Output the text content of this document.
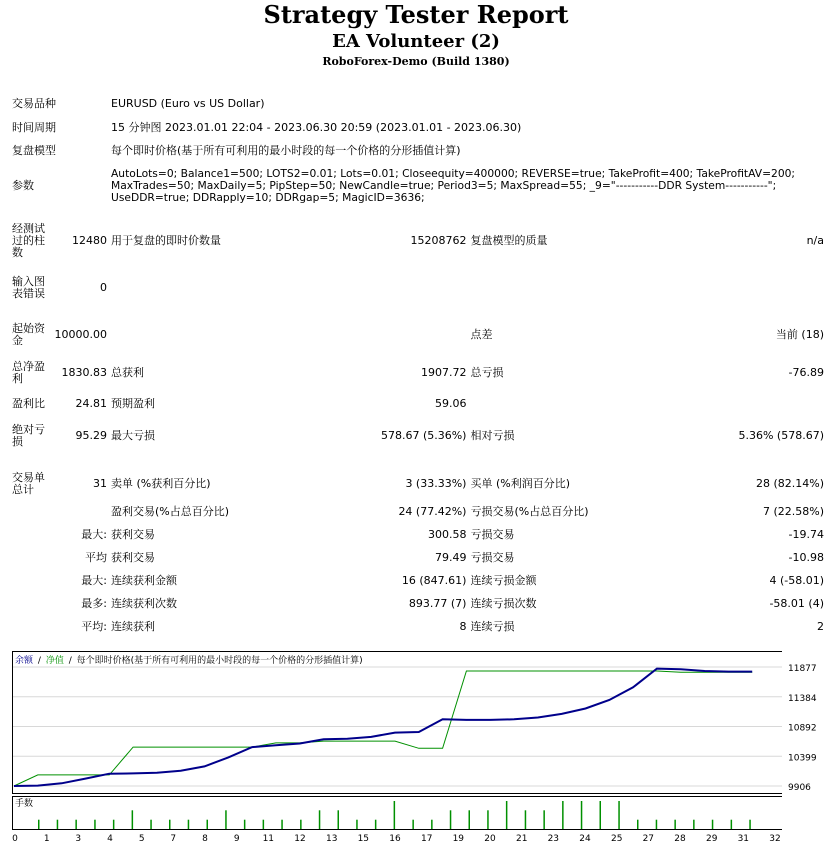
Strategy Tester Report
EA Volunteer (2)
RoboForex-Demo (Build 1380)
交易品种		EURUSD (Euro vs US Dollar)			
时间周期		15 分钟图 2023.01.01 22:04 - 2023.06.30 20:59 (2023.01.01 - 2023.06.30)			
复盘模型		每个即时价格(基于所有可利用的最小时段的每一个价格的分形插值计算)			
参数		AutoLots=0; Balance1=500; LOTS2=0.01; Lots=0.01; Closeequity=400000; REVERSE=true; TakeProfit=400; TakeProfitAV=200;
MaxTrades=50; MaxDaily=5; PipStep=50; NewCandle=true; Period3=5; MaxSpread=55; _9="-----------DDR System-----------";
UseDDR=true; DDRapply=10; DDRgap=5; MagicID=3636;			

经测试过的柱数	12480	用于复盘的即时价数量	15208762	复盘模型的质量	n/a
输入图表错误	0				
起始资金	10000.00			点差	当前 (18)
总净盈利	1830.83	总获利	1907.72	总亏损	-76.89
盈利比	24.81	预期盈利	59.06		
绝对亏损	95.29	最大亏损	578.67 (5.36%)	相对亏损	5.36% (578.67)

交易单总计	31	卖单 (%获利百分比)	3 (33.33%)	买单 (%利润百分比)	28 (82.14%)
		盈利交易(%占总百分比)	24 (77.42%)	亏损交易(%占总百分比)	7 (22.58%)
	最大:	获利交易	300.58	亏损交易	-19.74
	平均	获利交易	79.49	亏损交易	-10.98
	最大:	连续获利金额	16 (847.61)	连续亏损金额	4 (-58.01)
	最多:	连续获利次数	893.77 (7)	连续亏损次数	-58.01 (4)
	平均:	连续获利	8	连续亏损	2
余额 / 净值 / 每个即时价格(基于所有可利用的最小时段的每一个价格的分形插值计算)
11877
11384
10892
10399
9906
手数
0	1	3	4	5	7	8	9	11 12 13 15 16 17 19 20 21 23 24 25 27 28 29 31 32
